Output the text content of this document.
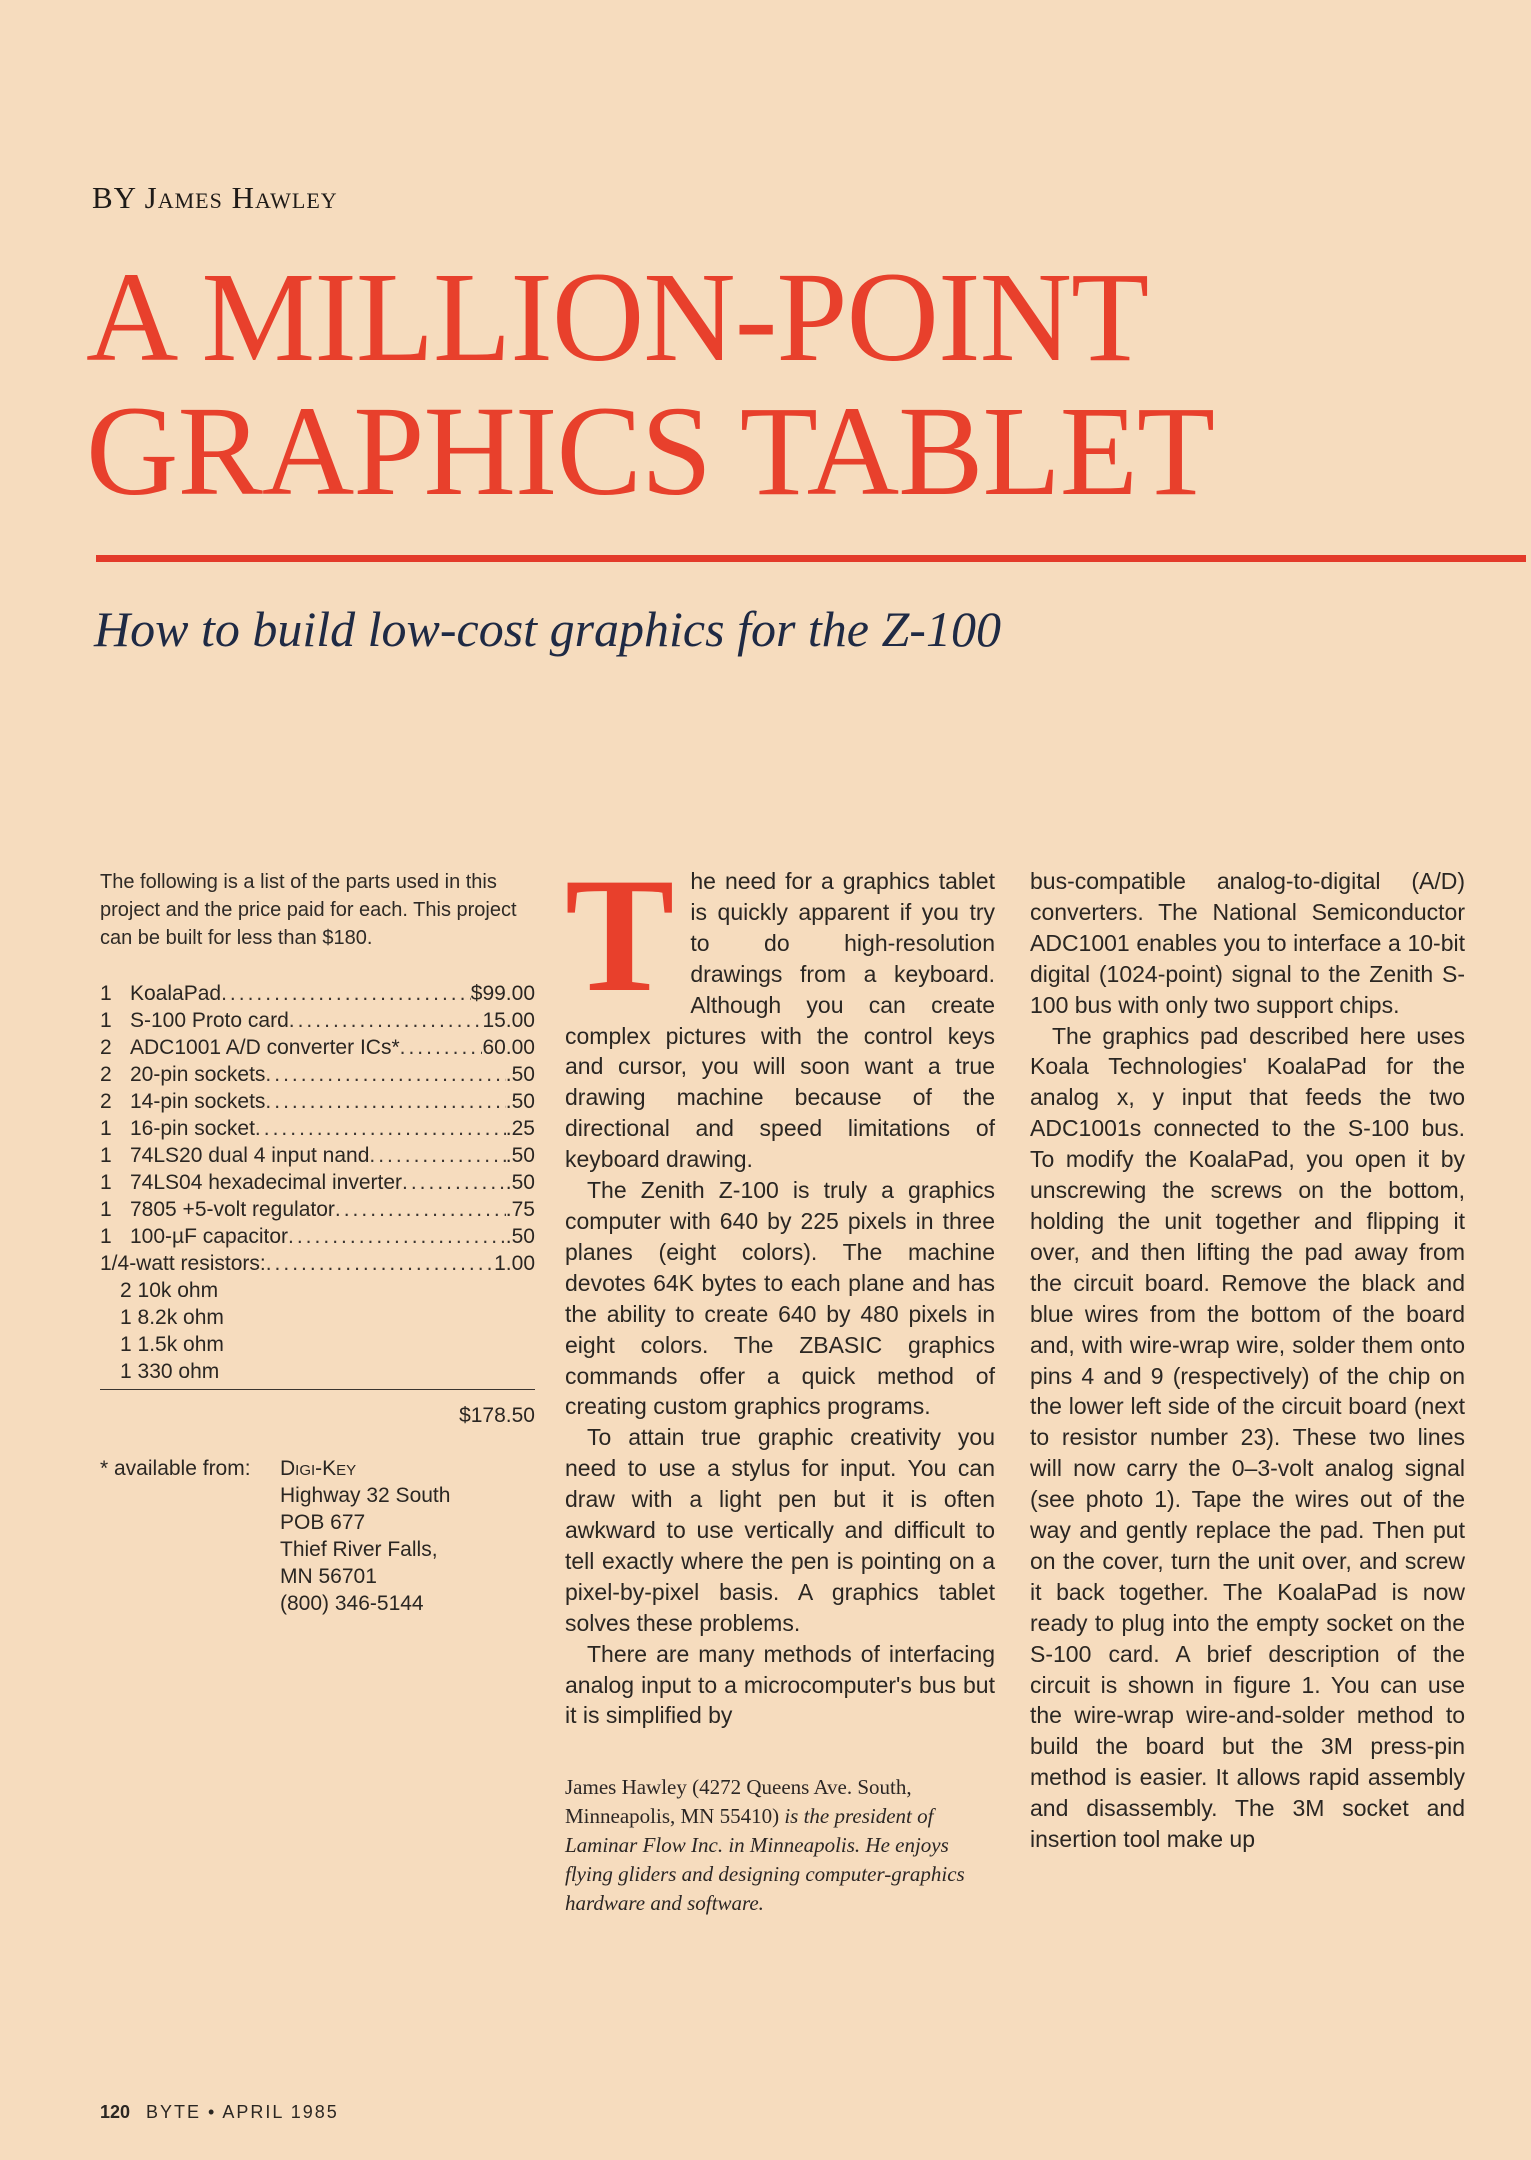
BY James Hawley
A MILLION-POINT
GRAPHICS TABLET
How to build low-cost graphics for the Z-100

The following is a list of the parts used in this project and the price paid for each. This project can be built for less than $180.

1 KoalaPad .....	$99.00
1 S-100 Proto card .....	15.00
2 ADC1001 A/D converter ICs* .....	60.00
2 20-pin sockets .....	.50
2 14-pin sockets .....	.50
1 16-pin socket .....	.25
1 74LS20 dual 4 input nand .....	.50
1 74LS04 hexadecimal inverter .....	.50
1 7805 +5-volt regulator .....	.75
1 100-µF capacitor .....	.50
1/4-watt resistors: .....	1.00
2 10k ohm
1 8.2k ohm
1 1.5k ohm
1 330 ohm
$178.50
* available from: Digi-Key
Highway 32 South
POB 677
Thief River Falls,
MN 56701
(800) 346-5144
T he need for a graphics tablet is quickly apparent if you try to do high-resolution drawings from a keyboard. Although you can create complex pictures with the control keys and cursor, you will soon want a true drawing machine because of the directional and speed limitations of keyboard drawing.

The Zenith Z-100 is truly a graphics computer with 640 by 225 pixels in three planes (eight colors). The machine devotes 64K bytes to each plane and has the ability to create 640 by 480 pixels in eight colors. The ZBASIC graphics commands offer a quick method of creating custom graphics programs.

To attain true graphic creativity you need to use a stylus for input. You can draw with a light pen but it is often awkward to use vertically and difficult to tell exactly where the pen is pointing on a pixel-by-pixel basis. A graphics tablet solves these problems.

There are many methods of interfacing analog input to a microcomputer's bus but it is simplified by

James Hawley (4272 Queens Ave. South, Minneapolis, MN 55410) is the president of Laminar Flow Inc. in Minneapolis. He enjoys flying gliders and designing computer-graphics hardware and software.

bus-compatible analog-to-digital (A/D) converters. The National Semiconductor ADC1001 enables you to interface a 10-bit digital (1024-point) signal to the Zenith S-100 bus with only two support chips.

The graphics pad described here uses Koala Technologies' KoalaPad for the analog x, y input that feeds the two ADC1001s connected to the S-100 bus. To modify the KoalaPad, you open it by unscrewing the screws on the bottom, holding the unit together and flipping it over, and then lifting the pad away from the circuit board. Remove the black and blue wires from the bottom of the board and, with wire-wrap wire, solder them onto pins 4 and 9 (respectively) of the chip on the lower left side of the circuit board (next to resistor number 23). These two lines will now carry the 0–3-volt analog signal (see photo 1). Tape the wires out of the way and gently replace the pad. Then put on the cover, turn the unit over, and screw it back together. The KoalaPad is now ready to plug into the empty socket on the S-100 card. A brief description of the circuit is shown in figure 1. You can use the wire-wrap wire-and-solder method to build the board but the 3M press-pin method is easier. It allows rapid assembly and disassembly. The 3M socket and insertion tool make up

120 BYTE • APRIL 1985
